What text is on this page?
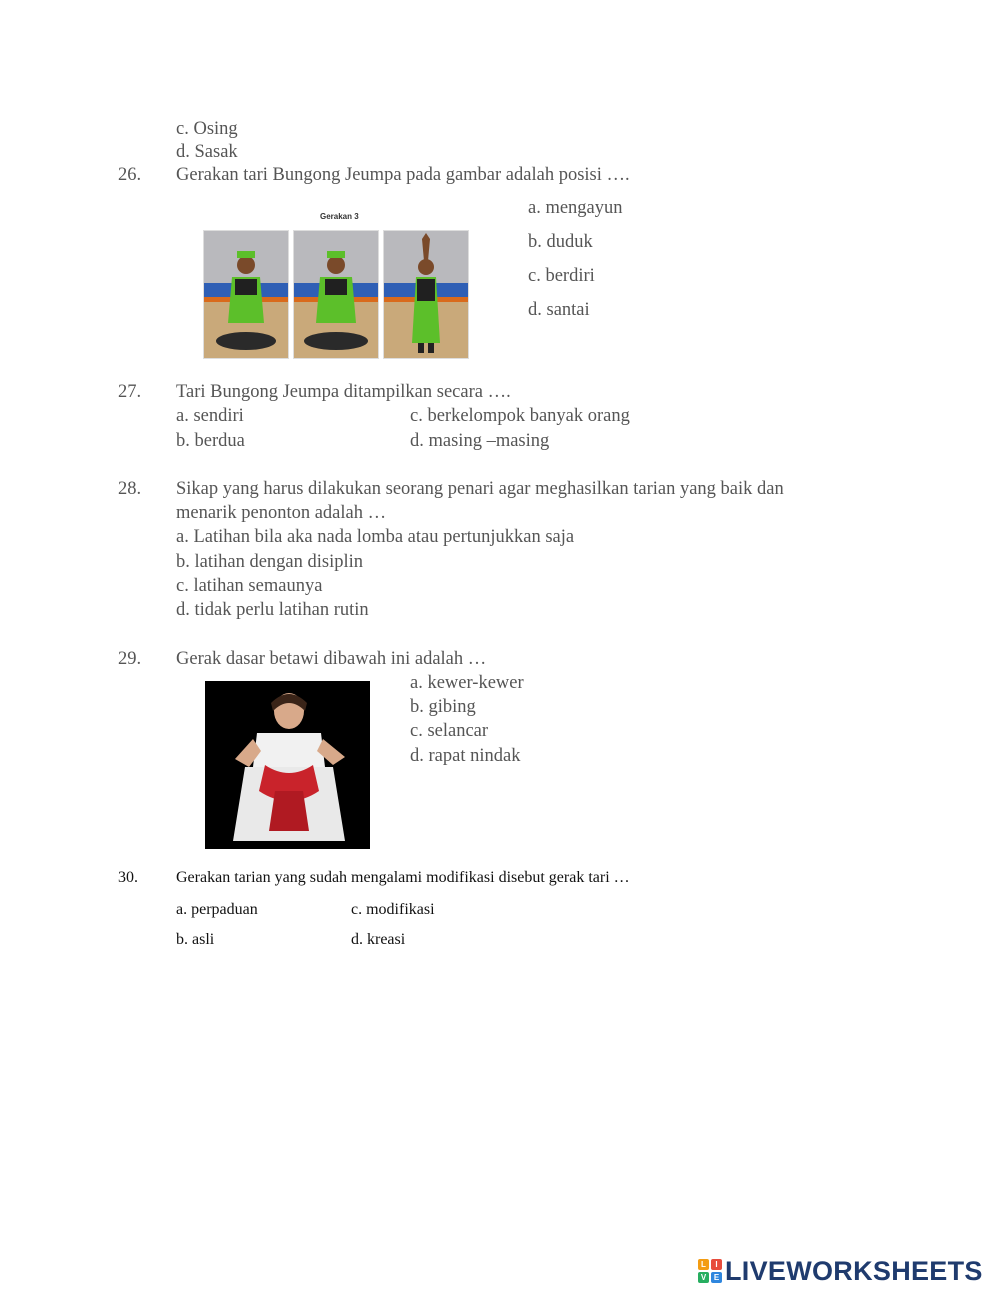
c. Osing
d. Sasak
26. Gerakan tari Bungong Jeumpa pada gambar adalah posisi ….
Gerakan 3	a. mengayun
b. duduk
c. berdiri
d. santai
27. Tari Bungong Jeumpa ditampilkan secara ….
a. sendiri	c. berkelompok banyak orang
b. berdua	d. masing –masing
28. Sikap yang harus dilakukan seorang penari agar meghasilkan tarian yang baik dan
menarik penonton adalah …
a. Latihan bila aka nada lomba atau pertunjukkan saja
b. latihan dengan disiplin
c. latihan semaunya
d. tidak perlu latihan rutin
29. Gerak dasar betawi dibawah ini adalah …
a. kewer-kewer
b. gibing
c. selancar
d. rapat nindak
30. Gerakan tarian yang sudah mengalami modifikasi disebut gerak tari …
a. perpaduan	c. modifikasi
b. asli	d. kreasi
L	I
V E LIVEWORKSHEETS
